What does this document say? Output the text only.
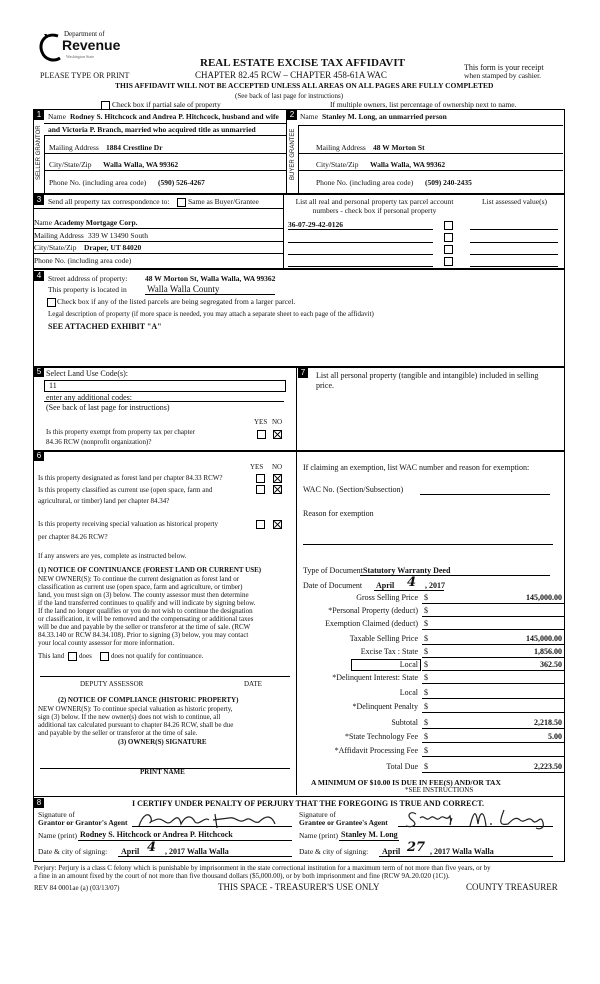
Department of
Revenue
Washington State
PLEASE TYPE OR PRINT
REAL ESTATE EXCISE TAX AFFIDAVIT
CHAPTER 82.45 RCW – CHAPTER 458-61A WAC
THIS AFFIDAVIT WILL NOT BE ACCEPTED UNLESS ALL AREAS ON ALL PAGES ARE FULLY COMPLETED
(See back of last page for instructions)
This form is your receipt
when stamped by cashier.
Check box if partial sale of property	If multiple owners, list percentage of ownership next to name.
1	2
Name Rodney S. Hitchcock and Andrea P. Hitchcock, husband and wife
and Victoria P. Branch, married who acquired title as unmarried
SELLER GRANTOR Mailing Address 1884 Crestline Dr
City/State/Zip Walla Walla, WA 99362
Phone No. (including area code) (590) 526-4267
Name Stanley M. Long, an unmarried person
BUYER GRANTEE	Mailing Address 48 W Morton St
City/State/Zip Walla Walla, WA 99362
Phone No. (including area code) (509) 240-2435
3 Send all property tax correspondence to: Same as Buyer/Grantee
Name Academy Mortgage Corp.
Mailing Address 339 W 13490 South
City/State/Zip Draper, UT 84020
Phone No. (including area code)
List all real and personal property tax parcel account
numbers - check box if personal property
List assessed value(s)
36-07-29-42-0126
4 Street address of property: 48 W Morton St, Walla Walla, WA 99362
This property is located in Walla Walla County
Check box if any of the listed parcels are being segregated from a larger parcel.
Legal description of property (if more space is needed, you may attach a separate sheet to each page of the affidavit)
SEE ATTACHED EXHIBIT "A"
5 Select Land Use Code(s):
11
enter any additional codes:
(See back of last page for instructions)
YES NO
Is this property exempt from property tax per chapter
84.36 RCW (nonprofit organization)?
7	List all personal property (tangible and intangible) included in selling
price.
6
YES NO
Is this property designated as forest land per chapter 84.33 RCW?
Is this property classified as current use (open space, farm and
agricultural, or timber) land per chapter 84.34?
Is this property receiving special valuation as historical property
per chapter 84.26 RCW?
If any answers are yes, complete as instructed below.
(1) NOTICE OF CONTINUANCE (FOREST LAND OR CURRENT USE)
NEW OWNER(S): To continue the current designation as forest land or
classification as current use (open space, farm and agriculture, or timber)
land, you must sign on (3) below. The county assessor must then determine
if the land transferred continues to qualify and will indicate by signing below.
If the land no longer qualifies or you do not wish to continue the designation
or classification, it will be removed and the compensating or additional taxes
will be due and payable by the seller or transferor at the time of sale. (RCW
84.33.140 or RCW 84.34.108). Prior to signing (3) below, you may contact
your local county assessor for more information.
This land does	does not qualify for continuance.
DEPUTY ASSESSOR	DATE
(2) NOTICE OF COMPLIANCE (HISTORIC PROPERTY)
NEW OWNER(S): To continue special valuation as historic property,
sign (3) below. If the new owner(s) does not wish to continue, all
additional tax calculated pursuant to chapter 84.26 RCW, shall be due
and payable by the seller or transferor at the time of sale.
(3) OWNER(S) SIGNATURE
PRINT NAME
If claiming an exemption, list WAC number and reason for exemption:
WAC No. (Section/Subsection)
Reason for exemption
Type of Document Statutory Warranty Deed
Date of Document April 4 , 2017
Gross Selling Price $	145,000.00
*Personal Property (deduct) $
Exemption Claimed (deduct) $
Taxable Selling Price $	145,000.00
Excise Tax : State $	1,856.00
Local $	362.50
*Delinquent Interest: State $
Local $
*Delinquent Penalty $
Subtotal $	2,218.50
*State Technology Fee $	5.00
*Affidavit Processing Fee $
Total Due $	2,223.50
A MINIMUM OF $10.00 IS DUE IN FEE(S) AND/OR TAX
*SEE INSTRUCTIONS
8	I CERTIFY UNDER PENALTY OF PERJURY THAT THE FOREGOING IS TRUE AND CORRECT.
Signature of
Grantor or Grantor's Agent
Name (print) Rodney S. Hitchcock or Andrea P. Hitchcock
Date & city of signing: April 4 , 2017 Walla Walla
Signature of
Grantee or Grantee's Agent
Name (print) Stanley M. Long
Date & city of signing: April 27 , 2017 Walla Walla
Perjury: Perjury is a class C felony which is punishable by imprisonment in the state correctional institution for a maximum term of not more than five years, or by
a fine in an amount fixed by the court of not more than five thousand dollars ($5,000.00), or by both imprisonment and fine (RCW 9A.20.020 (1C)).
REV 84 0001ae (a) (03/13/07)	THIS SPACE - TREASURER'S USE ONLY	COUNTY TREASURER
